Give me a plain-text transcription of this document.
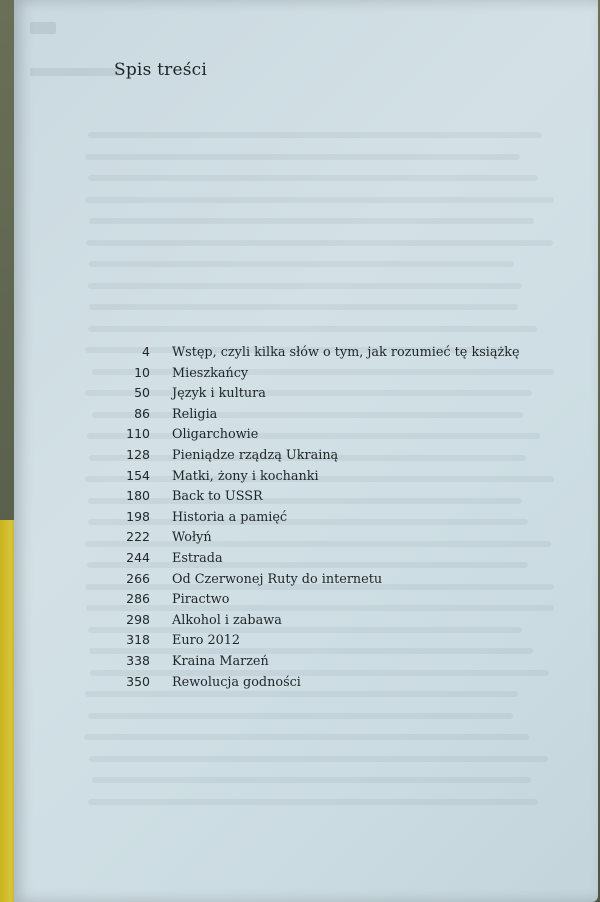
Spis treści
4 Wstęp, czyli kilka słów o tym, jak rozumieć tę książkę
10 Mieszkańcy
50 Język i kultura
86 Religia
110 Oligarchowie
128 Pieniądze rządzą Ukrainą
154 Matki, żony i kochanki
180 Back to USSR
198 Historia a pamięć
222 Wołyń
244 Estrada
266 Od Czerwonej Ruty do internetu
286 Piractwo
298 Alkohol i zabawa
318 Euro 2012
338 Kraina Marzeń
350 Rewolucja godności
